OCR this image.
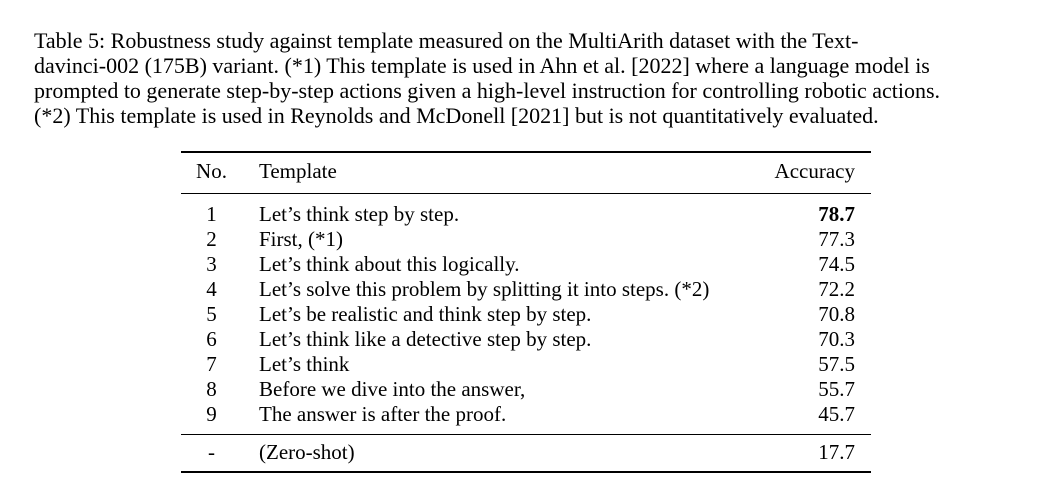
Table 5: Robustness study against template measured on the MultiArith dataset with the Text-
davinci-002 (175B) variant. (*1) This template is used in Ahn et al. [2022] where a language model is
prompted to generate step-by-step actions given a high-level instruction for controlling robotic actions.
(*2) This template is used in Reynolds and McDonell [2021] but is not quantitatively evaluated.
No.	Template	Accuracy
1	Let’s think step by step.	78.7
2	First, (*1)	77.3
3	Let’s think about this logically.	74.5
4	Let’s solve this problem by splitting it into steps. (*2)	72.2
5	Let’s be realistic and think step by step.	70.8
6	Let’s think like a detective step by step.	70.3
7	Let’s think	57.5
8	Before we dive into the answer,	55.7
9	The answer is after the proof.	45.7
-	(Zero-shot)	17.7
